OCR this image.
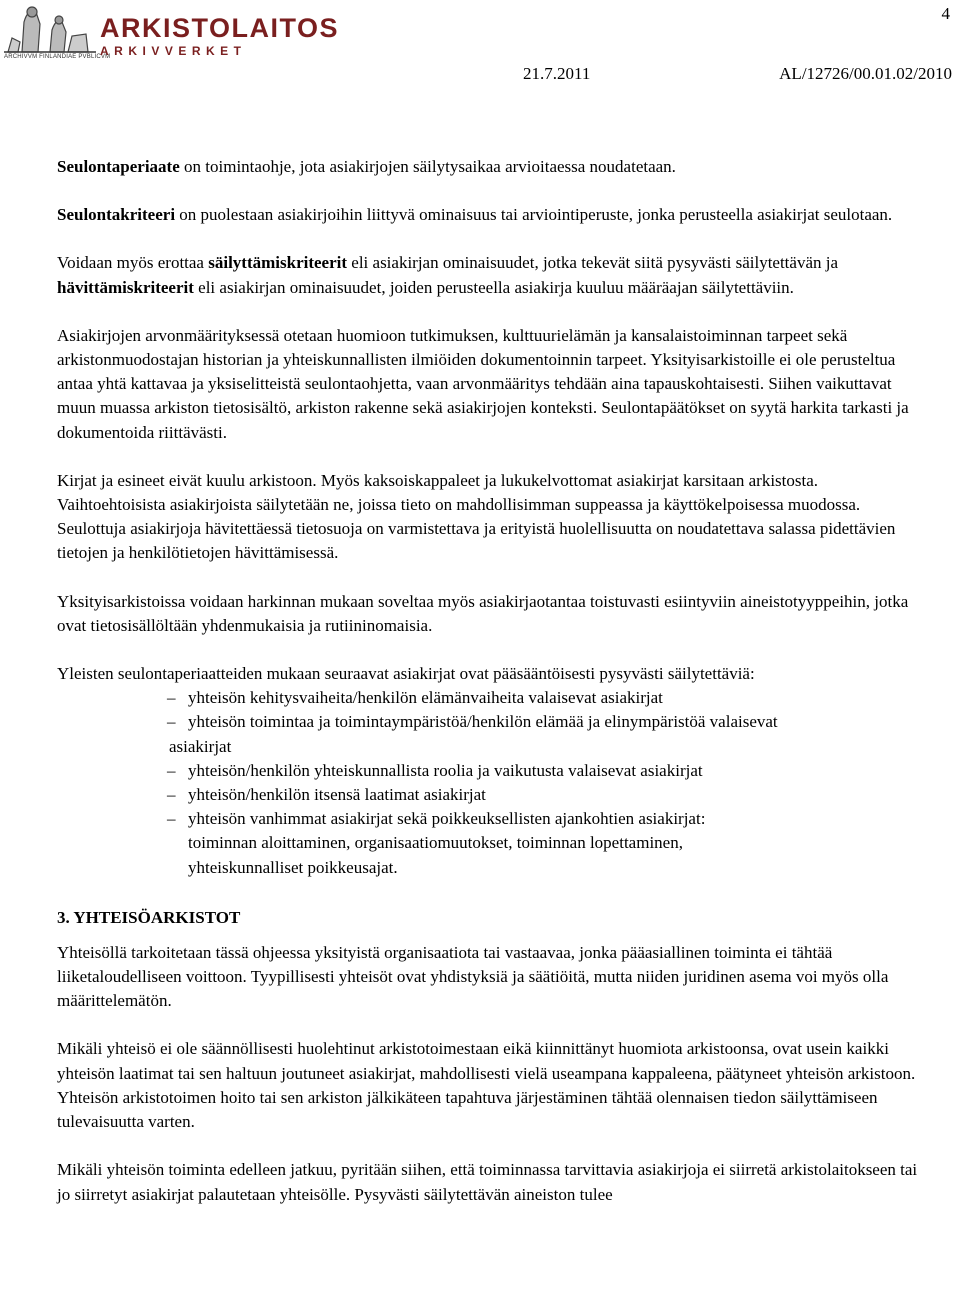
ARCHIVVM FINLANDIAE PVBLICVM
ARKISTOLAITOS
ARKIVVERKET
4
21.7.2011	AL/12726/00.01.02/2010

Seulontaperiaate on toimintaohje, jota asiakirjojen säilytysaikaa arvioitaessa noudatetaan.

Seulontakriteeri on puolestaan asiakirjoihin liittyvä ominaisuus tai arviointiperuste, jonka perusteella asiakirjat seulotaan.

Voidaan myös erottaa säilyttämiskriteerit eli asiakirjan ominaisuudet, jotka tekevät siitä pysyvästi säilytettävän ja hävittämiskriteerit eli asiakirjan ominaisuudet, joiden perusteella asiakirja kuuluu määräajan säilytettäviin.

Asiakirjojen arvonmäärityksessä otetaan huomioon tutkimuksen, kulttuurielämän ja kansalaistoiminnan tarpeet sekä arkistonmuodostajan historian ja yhteiskunnallisten ilmiöiden dokumentoinnin tarpeet. Yksityisarkistoille ei ole perusteltua antaa yhtä kattavaa ja yksiselitteistä seulontaohjetta, vaan arvonmääritys tehdään aina tapauskohtaisesti. Siihen vaikuttavat muun muassa arkiston tietosisältö, arkiston rakenne sekä asiakirjojen konteksti. Seulontapäätökset on syytä harkita tarkasti ja dokumentoida riittävästi.

Kirjat ja esineet eivät kuulu arkistoon. Myös kaksoiskappaleet ja lukukelvottomat asiakirjat karsitaan arkistosta. Vaihtoehtoisista asiakirjoista säilytetään ne, joissa tieto on mahdollisimman suppeassa ja käyttökelpoisessa muodossa. Seulottuja asiakirjoja hävitettäessä tietosuoja on varmistettava ja erityistä huolellisuutta on noudatettava salassa pidettävien tietojen ja henkilötietojen hävittämisessä.

Yksityisarkistoissa voidaan harkinnan mukaan soveltaa myös asiakirjaotantaa toistuvasti esiintyviin aineistotyyppeihin, jotka ovat tietosisällöltään yhdenmukaisia ja rutiininomaisia.

Yleisten seulontaperiaatteiden mukaan seuraavat asiakirjat ovat pääsääntöisesti pysyvästi säilytettäviä:

– yhteisön kehitysvaiheita/henkilön elämänvaiheita valaisevat asiakirjat
– yhteisön toimintaa ja toimintaympäristöä/henkilön elämää ja elinympäristöä valaisevat
asiakirjat
– yhteisön/henkilön yhteiskunnallista roolia ja vaikutusta valaisevat asiakirjat
– yhteisön/henkilön itsensä laatimat asiakirjat
– yhteisön vanhimmat asiakirjat sekä poikkeuksellisten ajankohtien asiakirjat:
toiminnan aloittaminen, organisaatiomuutokset, toiminnan lopettaminen,
yhteiskunnalliset poikkeusajat.
3. YHTEISÖARKISTOT

Yhteisöllä tarkoitetaan tässä ohjeessa yksityistä organisaatiota tai vastaavaa, jonka pääasiallinen toiminta ei tähtää liiketaloudelliseen voittoon. Tyypillisesti yhteisöt ovat yhdistyksiä ja säätiöitä, mutta niiden juridinen asema voi myös olla määrittelemätön.

Mikäli yhteisö ei ole säännöllisesti huolehtinut arkistotoimestaan eikä kiinnittänyt huomiota arkistoonsa, ovat usein kaikki yhteisön laatimat tai sen haltuun joutuneet asiakirjat, mahdollisesti vielä useampana kappaleena, päätyneet yhteisön arkistoon. Yhteisön arkistotoimen hoito tai sen arkiston jälkikäteen tapahtuva järjestäminen tähtää olennaisen tiedon säilyttämiseen tulevaisuutta varten.

Mikäli yhteisön toiminta edelleen jatkuu, pyritään siihen, että toiminnassa tarvittavia asiakirjoja ei siirretä arkistolaitokseen tai jo siirretyt asiakirjat palautetaan yhteisölle. Pysyvästi säilytettävän aineiston tulee
